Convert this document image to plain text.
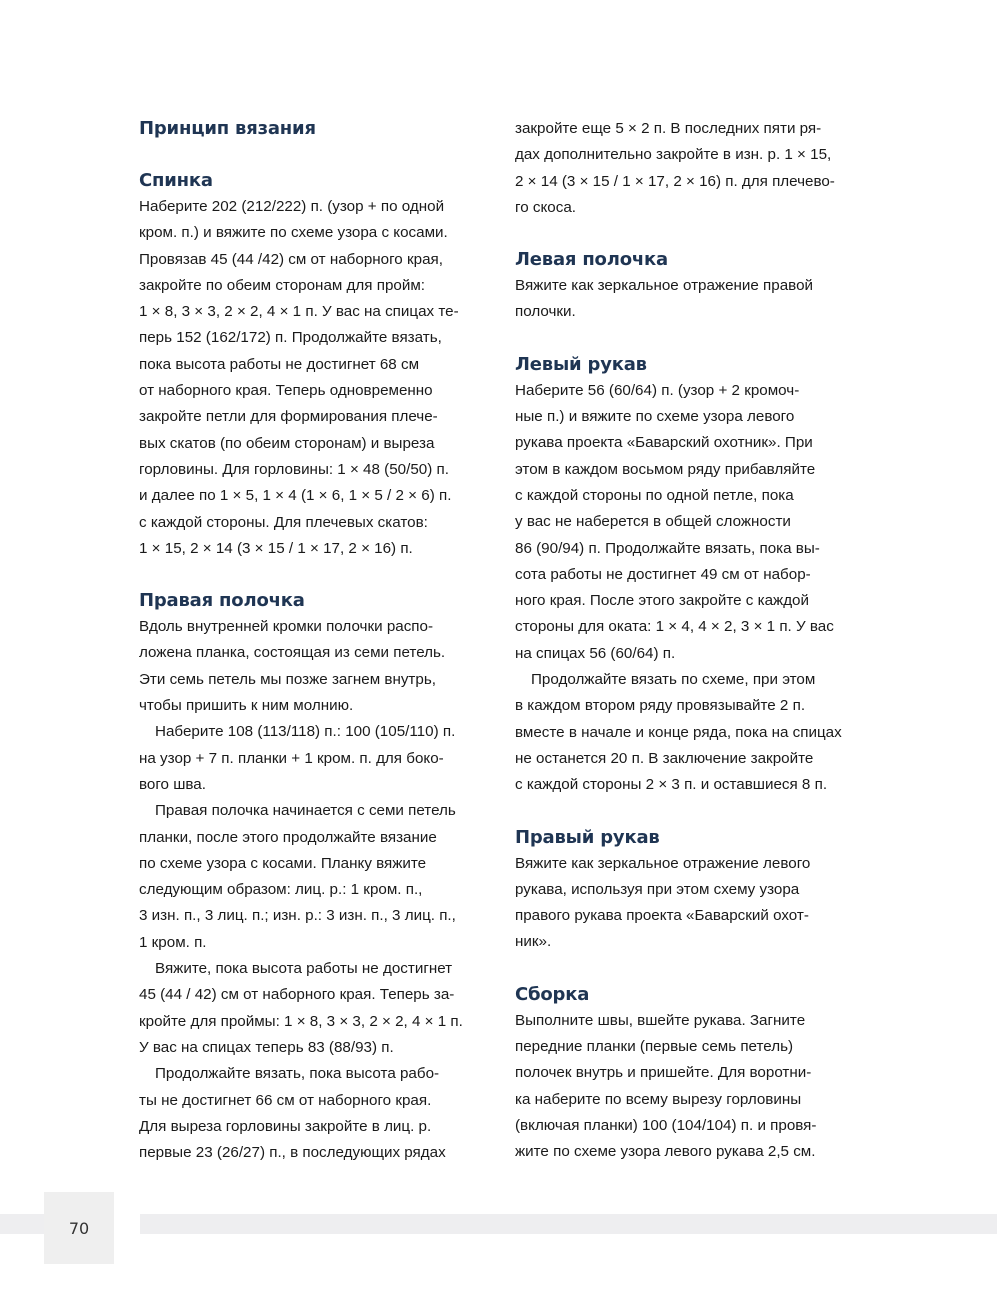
Принцип вязания
Спинка
Наберите 202 (212/222) п. (узор + по одной
кром. п.) и вяжите по схеме узора с косами.
Провязав 45 (44 /42) см от наборного края,
закройте по обеим сторонам для пройм:
1 × 8, 3 × 3, 2 × 2, 4 × 1 п. У вас на спицах те-
перь 152 (162/172) п. Продолжайте вязать,
пока высота работы не достигнет 68 см
от наборного края. Теперь одновременно
закройте петли для формирования плече-
вых скатов (по обеим сторонам) и выреза
горловины. Для горловины: 1 × 48 (50/50) п.
и далее по 1 × 5, 1 × 4 (1 × 6, 1 × 5 / 2 × 6) п.
с каждой стороны. Для плечевых скатов:
1 × 15, 2 × 14 (3 × 15 / 1 × 17, 2 × 16) п.
Правая полочка
Вдоль внутренней кромки полочки распо-
ложена планка, состоящая из семи петель.
Эти семь петель мы позже загнем внутрь,
чтобы пришить к ним молнию.
Наберите 108 (113/118) п.: 100 (105/110) п.
на узор + 7 п. планки + 1 кром. п. для боко-
вого шва.
Правая полочка начинается с семи петель
планки, после этого продолжайте вязание
по схеме узора с косами. Планку вяжите
следующим образом: лиц. р.: 1 кром. п.,
3 изн. п., 3 лиц. п.; изн. р.: 3 изн. п., 3 лиц. п.,
1 кром. п.
Вяжите, пока высота работы не достигнет
45 (44 / 42) см от наборного края. Теперь за-
кройте для проймы: 1 × 8, 3 × 3, 2 × 2, 4 × 1 п.
У вас на спицах теперь 83 (88/93) п.
Продолжайте вязать, пока высота рабо-
ты не достигнет 66 см от наборного края.
Для выреза горловины закройте в лиц. р.
первые 23 (26/27) п., в последующих рядах
закройте еще 5 × 2 п. В последних пяти ря-
дах дополнительно закройте в изн. р. 1 × 15,
2 × 14 (3 × 15 / 1 × 17, 2 × 16) п. для плечево-
го скоса.
Левая полочка
Вяжите как зеркальное отражение правой
полочки.
Левый рукав
Наберите 56 (60/64) п. (узор + 2 кромоч-
ные п.) и вяжите по схеме узора левого
рукава проекта «Баварский охотник». При
этом в каждом восьмом ряду прибавляйте
с каждой стороны по одной петле, пока
у вас не наберется в общей сложности
86 (90/94) п. Продолжайте вязать, пока вы-
сота работы не достигнет 49 см от набор-
ного края. После этого закройте с каждой
стороны для оката: 1 × 4, 4 × 2, 3 × 1 п. У вас
на спицах 56 (60/64) п.
Продолжайте вязать по схеме, при этом
в каждом втором ряду провязывайте 2 п.
вместе в начале и конце ряда, пока на спицах
не останется 20 п. В заключение закройте
с каждой стороны 2 × 3 п. и оставшиеся 8 п.
Правый рукав
Вяжите как зеркальное отражение левого
рукава, используя при этом схему узора
правого рукава проекта «Баварский охот-
ник».
Сборка
Выполните швы, вшейте рукава. Загните
передние планки (первые семь петель)
полочек внутрь и пришейте. Для воротни-
ка наберите по всему вырезу горловины
(включая планки) 100 (104/104) п. и провя-
жите по схеме узора левого рукава 2,5 см.
70
